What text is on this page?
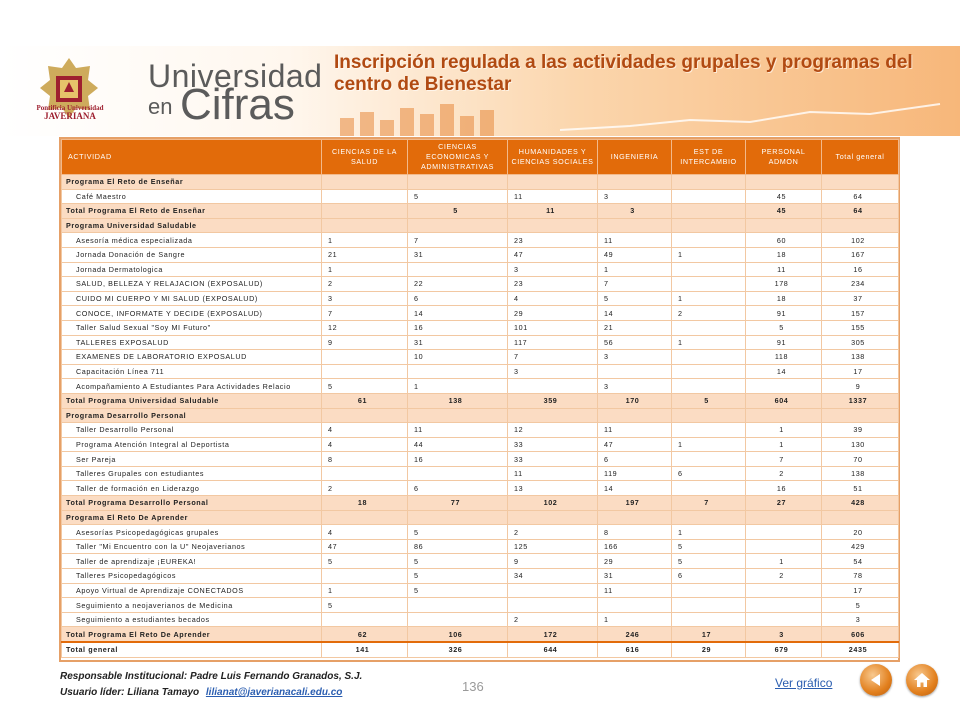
Pontificia Universidad
JAVERIANA
Universidad
en Cifras
Inscripción regulada a las actividades grupales y programas del centro de Bienestar
ACTIVIDAD	CIENCIAS DE LA SALUD	CIENCIAS ECONOMICAS Y ADMINISTRATIVAS	HUMANIDADES Y CIENCIAS SOCIALES	INGENIERIA	EST DE INTERCAMBIO	PERSONAL ADMON	Total general
Programa El Reto de Enseñar							
Café Maestro		5	11	3		45	64
Total Programa El Reto de Enseñar		5	11	3		45	64
Programa Universidad Saludable							
Asesoría médica especializada	1	7	23	11		60	102
Jornada Donación de Sangre	21	31	47	49	1	18	167
Jornada Dermatologica	1		3	1		11	16
SALUD, BELLEZA Y RELAJACION (EXPOSALUD)	2	22	23	7		178	234
CUIDO MI CUERPO Y MI SALUD (EXPOSALUD)	3	6	4	5	1	18	37
CONOCE, INFORMATE Y DECIDE (EXPOSALUD)	7	14	29	14	2	91	157
Taller Salud Sexual "Soy MI Futuro"	12	16	101	21		5	155
TALLERES EXPOSALUD	9	31	117	56	1	91	305
EXAMENES DE LABORATORIO EXPOSALUD		10	7	3		118	138
Capacitación Línea 711			3			14	17
Acompañamiento A Estudiantes Para Actividades Relacio	5	1		3			9
Total Programa Universidad Saludable	61	138	359	170	5	604	1337
Programa Desarrollo Personal							
Taller Desarrollo Personal	4	11	12	11		1	39
Programa Atención Integral al Deportista	4	44	33	47	1	1	130
Ser Pareja	8	16	33	6		7	70
Talleres Grupales con estudiantes			11	119	6	2	138
Taller de formación en Liderazgo	2	6	13	14		16	51
Total Programa Desarrollo Personal	18	77	102	197	7	27	428
Programa El Reto De Aprender							
Asesorías Psicopedagógicas grupales	4	5	2	8	1		20
Taller "Mi Encuentro con la U" Neojaverianos	47	86	125	166	5		429
Taller de aprendizaje ¡EUREKA!	5	5	9	29	5	1	54
Talleres Psicopedagógicos		5	34	31	6	2	78
Apoyo Virtual de Aprendizaje CONECTADOS	1	5		11			17
Seguimiento a neojaverianos de Medicina	5						5
Seguimiento a estudiantes becados			2	1			3
Total Programa El Reto De Aprender	62	106	172	246	17	3	606
Total general	141	326	644	616	29	679	2435
Responsable Institucional: Padre Luis Fernando Granados, S.J.
Usuario líder: Liliana Tamayo lilianat@javerianacali.edu.co	136	Ver gráfico
